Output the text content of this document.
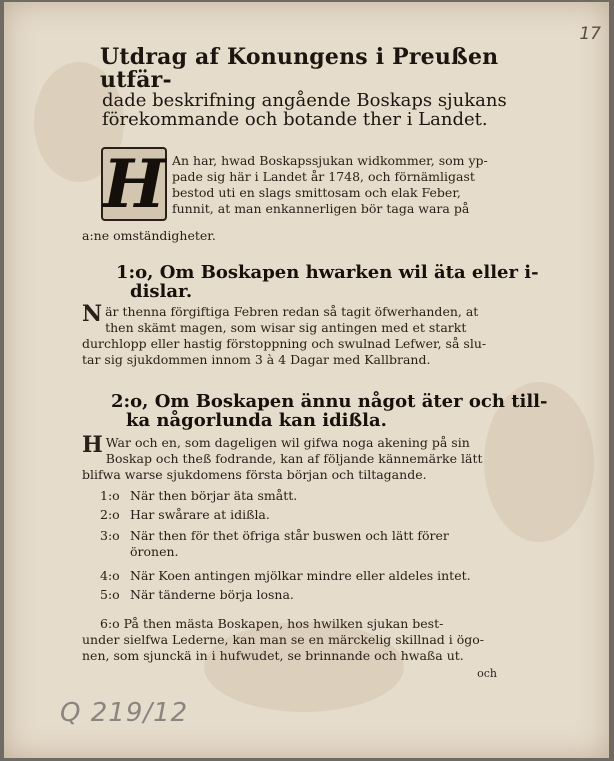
17
Utdrag af Konungens i Preußen utfär-
dade beskrifning angående Boskaps sjukans
förekommande och botande ther i Landet.
H An har, hwad Boskapssjukan widkommer, som yp-
pade sig här i Landet år 1748, och förnämligast
bestod uti en slags smittosam och elak Feber,
funnit, at man enkannerligen bör taga wara på
a:ne omständigheter.
1:o, Om Boskapen hwarken wil äta eller i-
dislar.
När thenna förgiftiga Febren redan så tagit öfwerhanden, at
then skämt magen, som wisar sig antingen med et starkt
durchlopp eller hastig förstoppning och swulnad Lefwer, så slu-
tar sig sjukdommen innom 3 à 4 Dagar med Kallbrand.
2:o, Om Boskapen ännu något äter och till-
ka någorlunda kan idißla.
H War och en, som dageligen wil gifwa noga akening på sin
Boskap och theß fodrande, kan af följande kännemärke lätt
blifwa warse sjukdomens första början och tiltagande.
1:o När then börjar äta smått.
2:o Har swårare at idißla.
3:o När then för thet öfriga står buswen och lätt förer
öronen.
4:o När Koen antingen mjölkar mindre eller aldeles intet.
5:o När tänderne börja losna.
6:o På then mästa Boskapen, hos hwilken sjukan best-
under sielfwa Lederne, kan man se en märckelig skillnad i ögo-
nen, som sjunckä in i hufwudet, se brinnande och hwaßa ut.
och
Q 219/12
